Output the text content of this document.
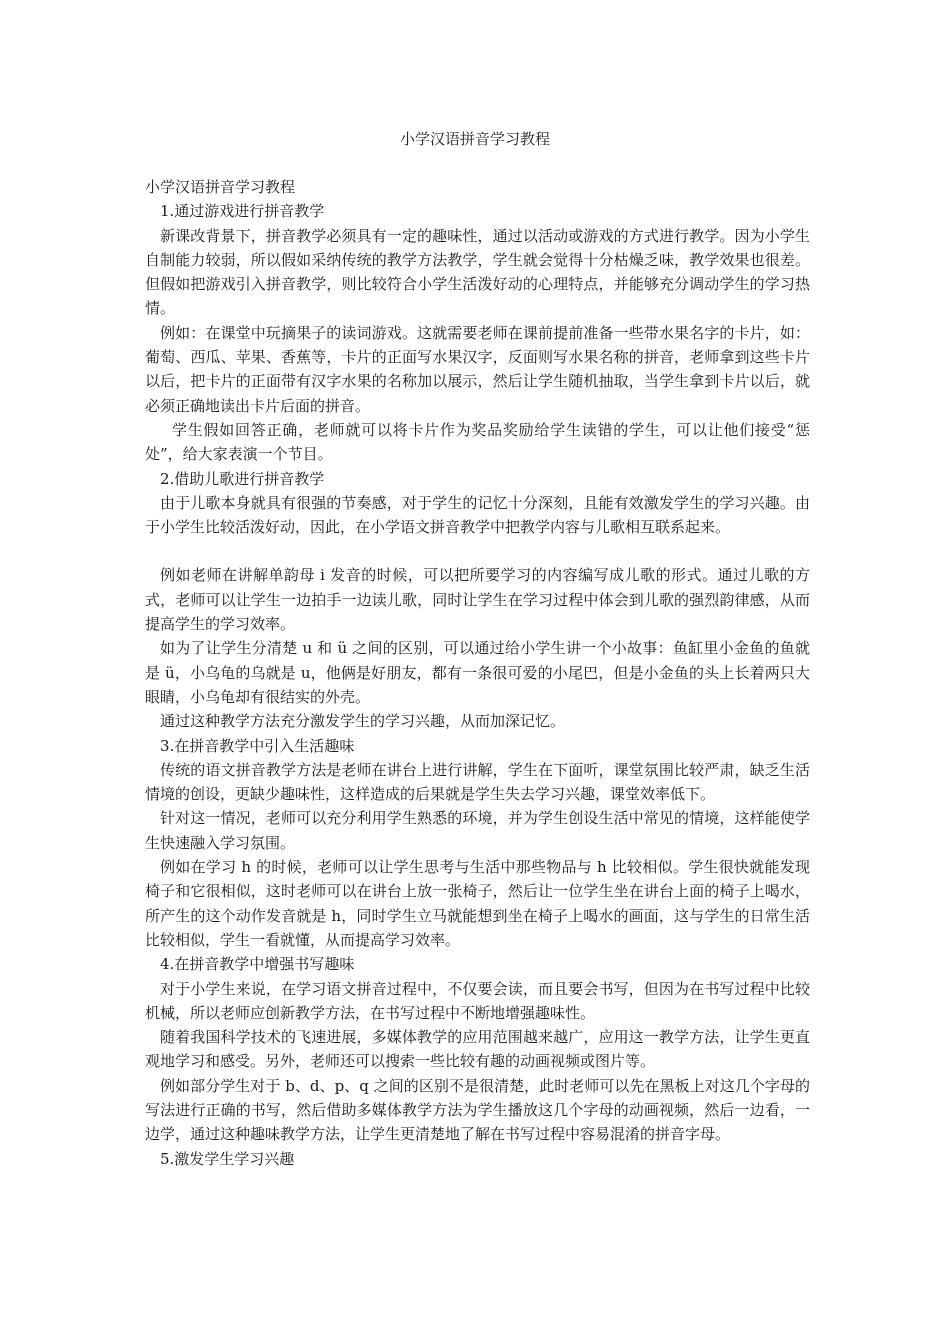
小学汉语拼音学习教程

小学汉语拼音学习教程

1.通过游戏进行拼音教学

新课改背景下，拼音教学必须具有一定的趣味性，通过以活动或游戏的方式进行教学。因为小学生自制能力较弱，所以假如采纳传统的教学方法教学，学生就会觉得十分枯燥乏味，教学效果也很差。但假如把游戏引入拼音教学，则比较符合小学生活泼好动的心理特点，并能够充分调动学生的学习热情。

例如：在课堂中玩摘果子的读词游戏。这就需要老师在课前提前准备一些带水果名字的卡片，如：葡萄、西瓜、苹果、香蕉等，卡片的正面写水果汉字，反面则写水果名称的拼音，老师拿到这些卡片以后，把卡片的正面带有汉字水果的名称加以展示，然后让学生随机抽取，当学生拿到卡片以后，就必须正确地读出卡片后面的拼音。

学生假如回答正确，老师就可以将卡片作为奖品奖励给学生读错的学生，可以让他们接受“惩处”，给大家表演一个节目。

2.借助儿歌进行拼音教学

由于儿歌本身就具有很强的节奏感，对于学生的记忆十分深刻，且能有效激发学生的学习兴趣。由于小学生比较活泼好动，因此，在小学语文拼音教学中把教学内容与儿歌相互联系起来。

例如老师在讲解单韵母 i 发音的时候，可以把所要学习的内容编写成儿歌的形式。通过儿歌的方式，老师可以让学生一边拍手一边读儿歌，同时让学生在学习过程中体会到儿歌的强烈韵律感，从而提高学生的学习效率。

如为了让学生分清楚 u 和 ü 之间的区别，可以通过给小学生讲一个小故事：鱼缸里小金鱼的鱼就是 ü，小乌龟的乌就是 u，他俩是好朋友，都有一条很可爱的小尾巴，但是小金鱼的头上长着两只大眼睛，小乌龟却有很结实的外壳。

通过这种教学方法充分激发学生的学习兴趣，从而加深记忆。

3.在拼音教学中引入生活趣味

传统的语文拼音教学方法是老师在讲台上进行讲解，学生在下面听，课堂氛围比较严肃，缺乏生活情境的创设，更缺少趣味性，这样造成的后果就是学生失去学习兴趣，课堂效率低下。

针对这一情况，老师可以充分利用学生熟悉的环境，并为学生创设生活中常见的情境，这样能使学生快速融入学习氛围。

例如在学习 h 的时候，老师可以让学生思考与生活中那些物品与 h 比较相似。学生很快就能发现椅子和它很相似，这时老师可以在讲台上放一张椅子，然后让一位学生坐在讲台上面的椅子上喝水，所产生的这个动作发音就是 h，同时学生立马就能想到坐在椅子上喝水的画面，这与学生的日常生活比较相似，学生一看就懂，从而提高学习效率。

4.在拼音教学中增强书写趣味

对于小学生来说，在学习语文拼音过程中，不仅要会读，而且要会书写，但因为在书写过程中比较机械，所以老师应创新教学方法，在书写过程中不断地增强趣味性。

随着我国科学技术的飞速进展，多媒体教学的应用范围越来越广，应用这一教学方法，让学生更直观地学习和感受。另外，老师还可以搜索一些比较有趣的动画视频或图片等。

例如部分学生对于 b、d、p、q 之间的区别不是很清楚，此时老师可以先在黑板上对这几个字母的写法进行正确的书写，然后借助多媒体教学方法为学生播放这几个字母的动画视频，然后一边看，一边学，通过这种趣味教学方法，让学生更清楚地了解在书写过程中容易混淆的拼音字母。

5.激发学生学习兴趣
